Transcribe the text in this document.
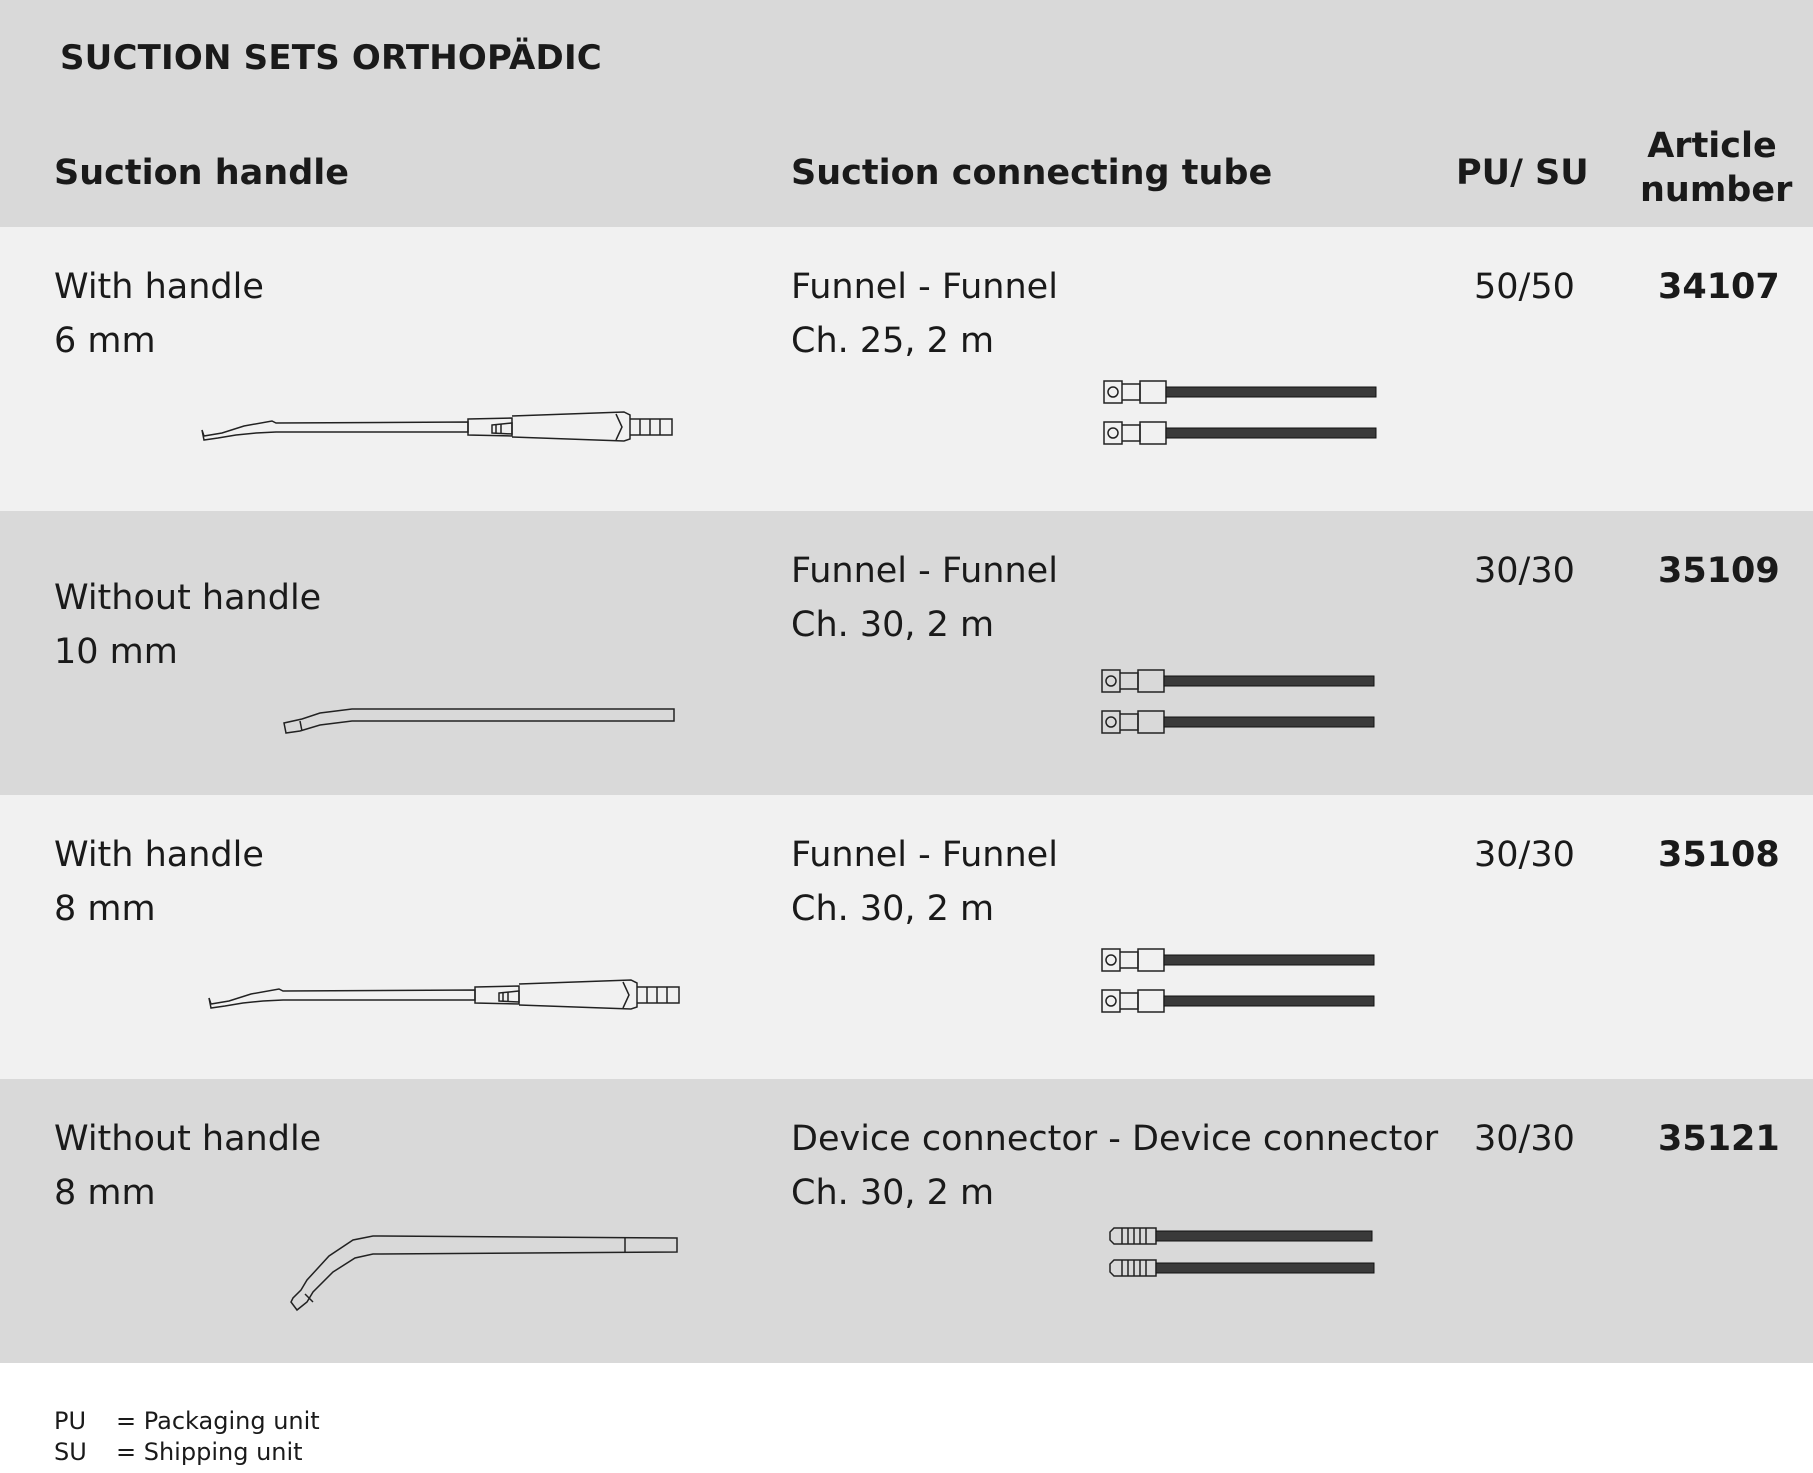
SUCTION SETS ORTHOPÄDIC
Suction handle	Suction connecting tube	PU/ SU
Article
number
With handle
6 mm
Funnel - Funnel
Ch. 25, 2 m
50/50 34107
Without handle
10 mm
Funnel - Funnel
Ch. 30, 2 m
30/30 35109
With handle
8 mm
Funnel - Funnel
Ch. 30, 2 m
30/30 35108
Without handle
8 mm
Device connector - Device connector
Ch. 30, 2 m
30/30 35121
PU = Packaging unit
SU = Shipping unit
